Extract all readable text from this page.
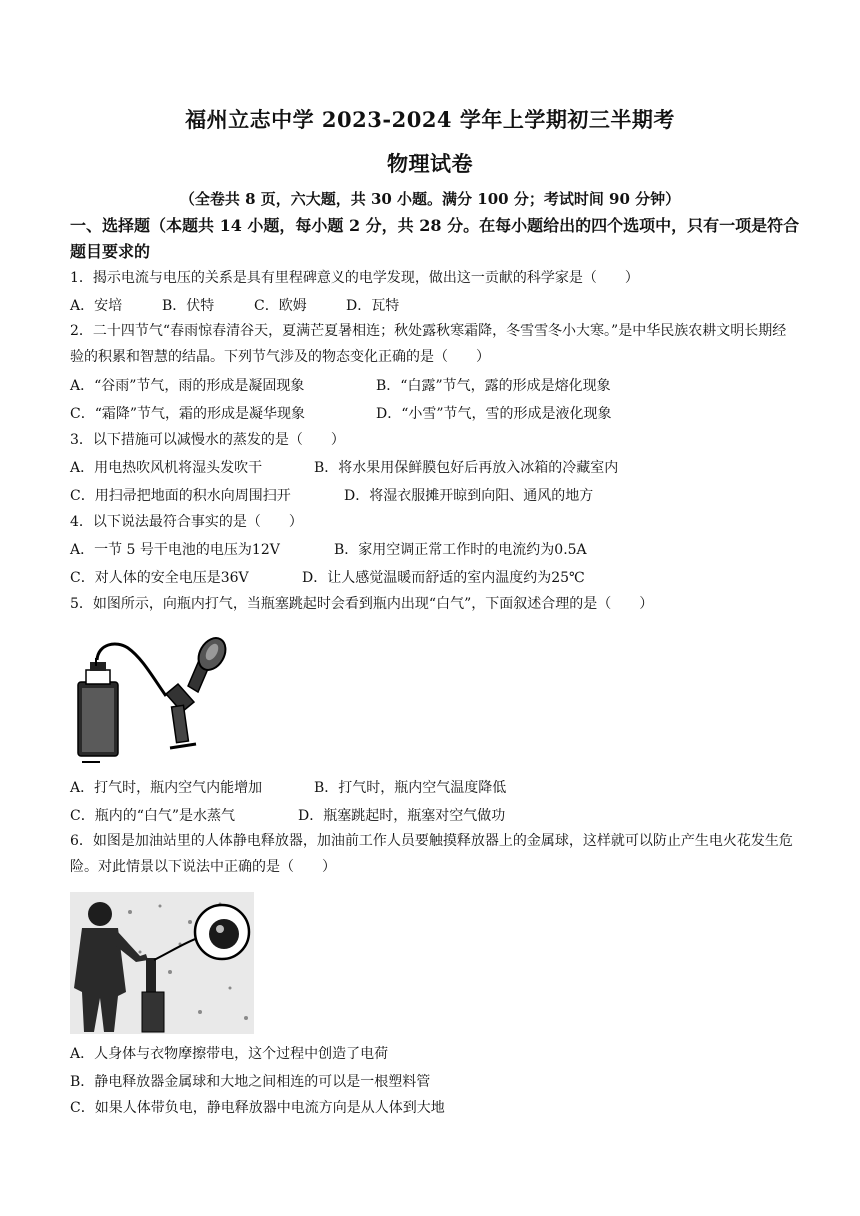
福州立志中学 2023-2024 学年上学期初三半期考
物理试卷
（全卷共 8 页，六大题，共 30 小题。满分 100 分；考试时间 90 分钟）
一、选择题（本题共 14 小题，每小题 2 分，共 28 分。在每小题给出的四个选项中，只有一项是符合题目要求的
1．揭示电流与电压的关系是具有里程碑意义的电学发现，做出这一贡献的科学家是（　　）
A．安培	B．伏特	C．欧姆	D．瓦特
2．二十四节气“春雨惊春清谷天，夏满芒夏暑相连；秋处露秋寒霜降，冬雪雪冬小大寒。”是中华民族农耕文明长期经验的积累和智慧的结晶。下列节气涉及的物态变化正确的是（　　）
A．“谷雨”节气，雨的形成是凝固现象	B．“白露”节气，露的形成是熔化现象
C．“霜降”节气，霜的形成是凝华现象	D．“小雪”节气，雪的形成是液化现象
3．以下措施可以减慢水的蒸发的是（　　）
A．用电热吹风机将湿头发吹干	B．将水果用保鲜膜包好后再放入冰箱的冷藏室内
C．用扫帚把地面的积水向周围扫开	D．将湿衣服摊开晾到向阳、通风的地方
4．以下说法最符合事实的是（　　）
A．一节 5 号干电池的电压为12V	B．家用空调正常工作时的电流约为0.5A
C．对人体的安全电压是36V	D．让人感觉温暖而舒适的室内温度约为25℃
5．如图所示，向瓶内打气，当瓶塞跳起时会看到瓶内出现“白气”，下面叙述合理的是（　　）
A．打气时，瓶内空气内能增加	B．打气时，瓶内空气温度降低
C．瓶内的“白气”是水蒸气	D．瓶塞跳起时，瓶塞对空气做功
6．如图是加油站里的人体静电释放器，加油前工作人员要触摸释放器上的金属球，这样就可以防止产生电火花发生危险。对此情景以下说法中正确的是（　　）
A．人身体与衣物摩擦带电，这个过程中创造了电荷
B．静电释放器金属球和大地之间相连的可以是一根塑料管
C．如果人体带负电，静电释放器中电流方向是从人体到大地
